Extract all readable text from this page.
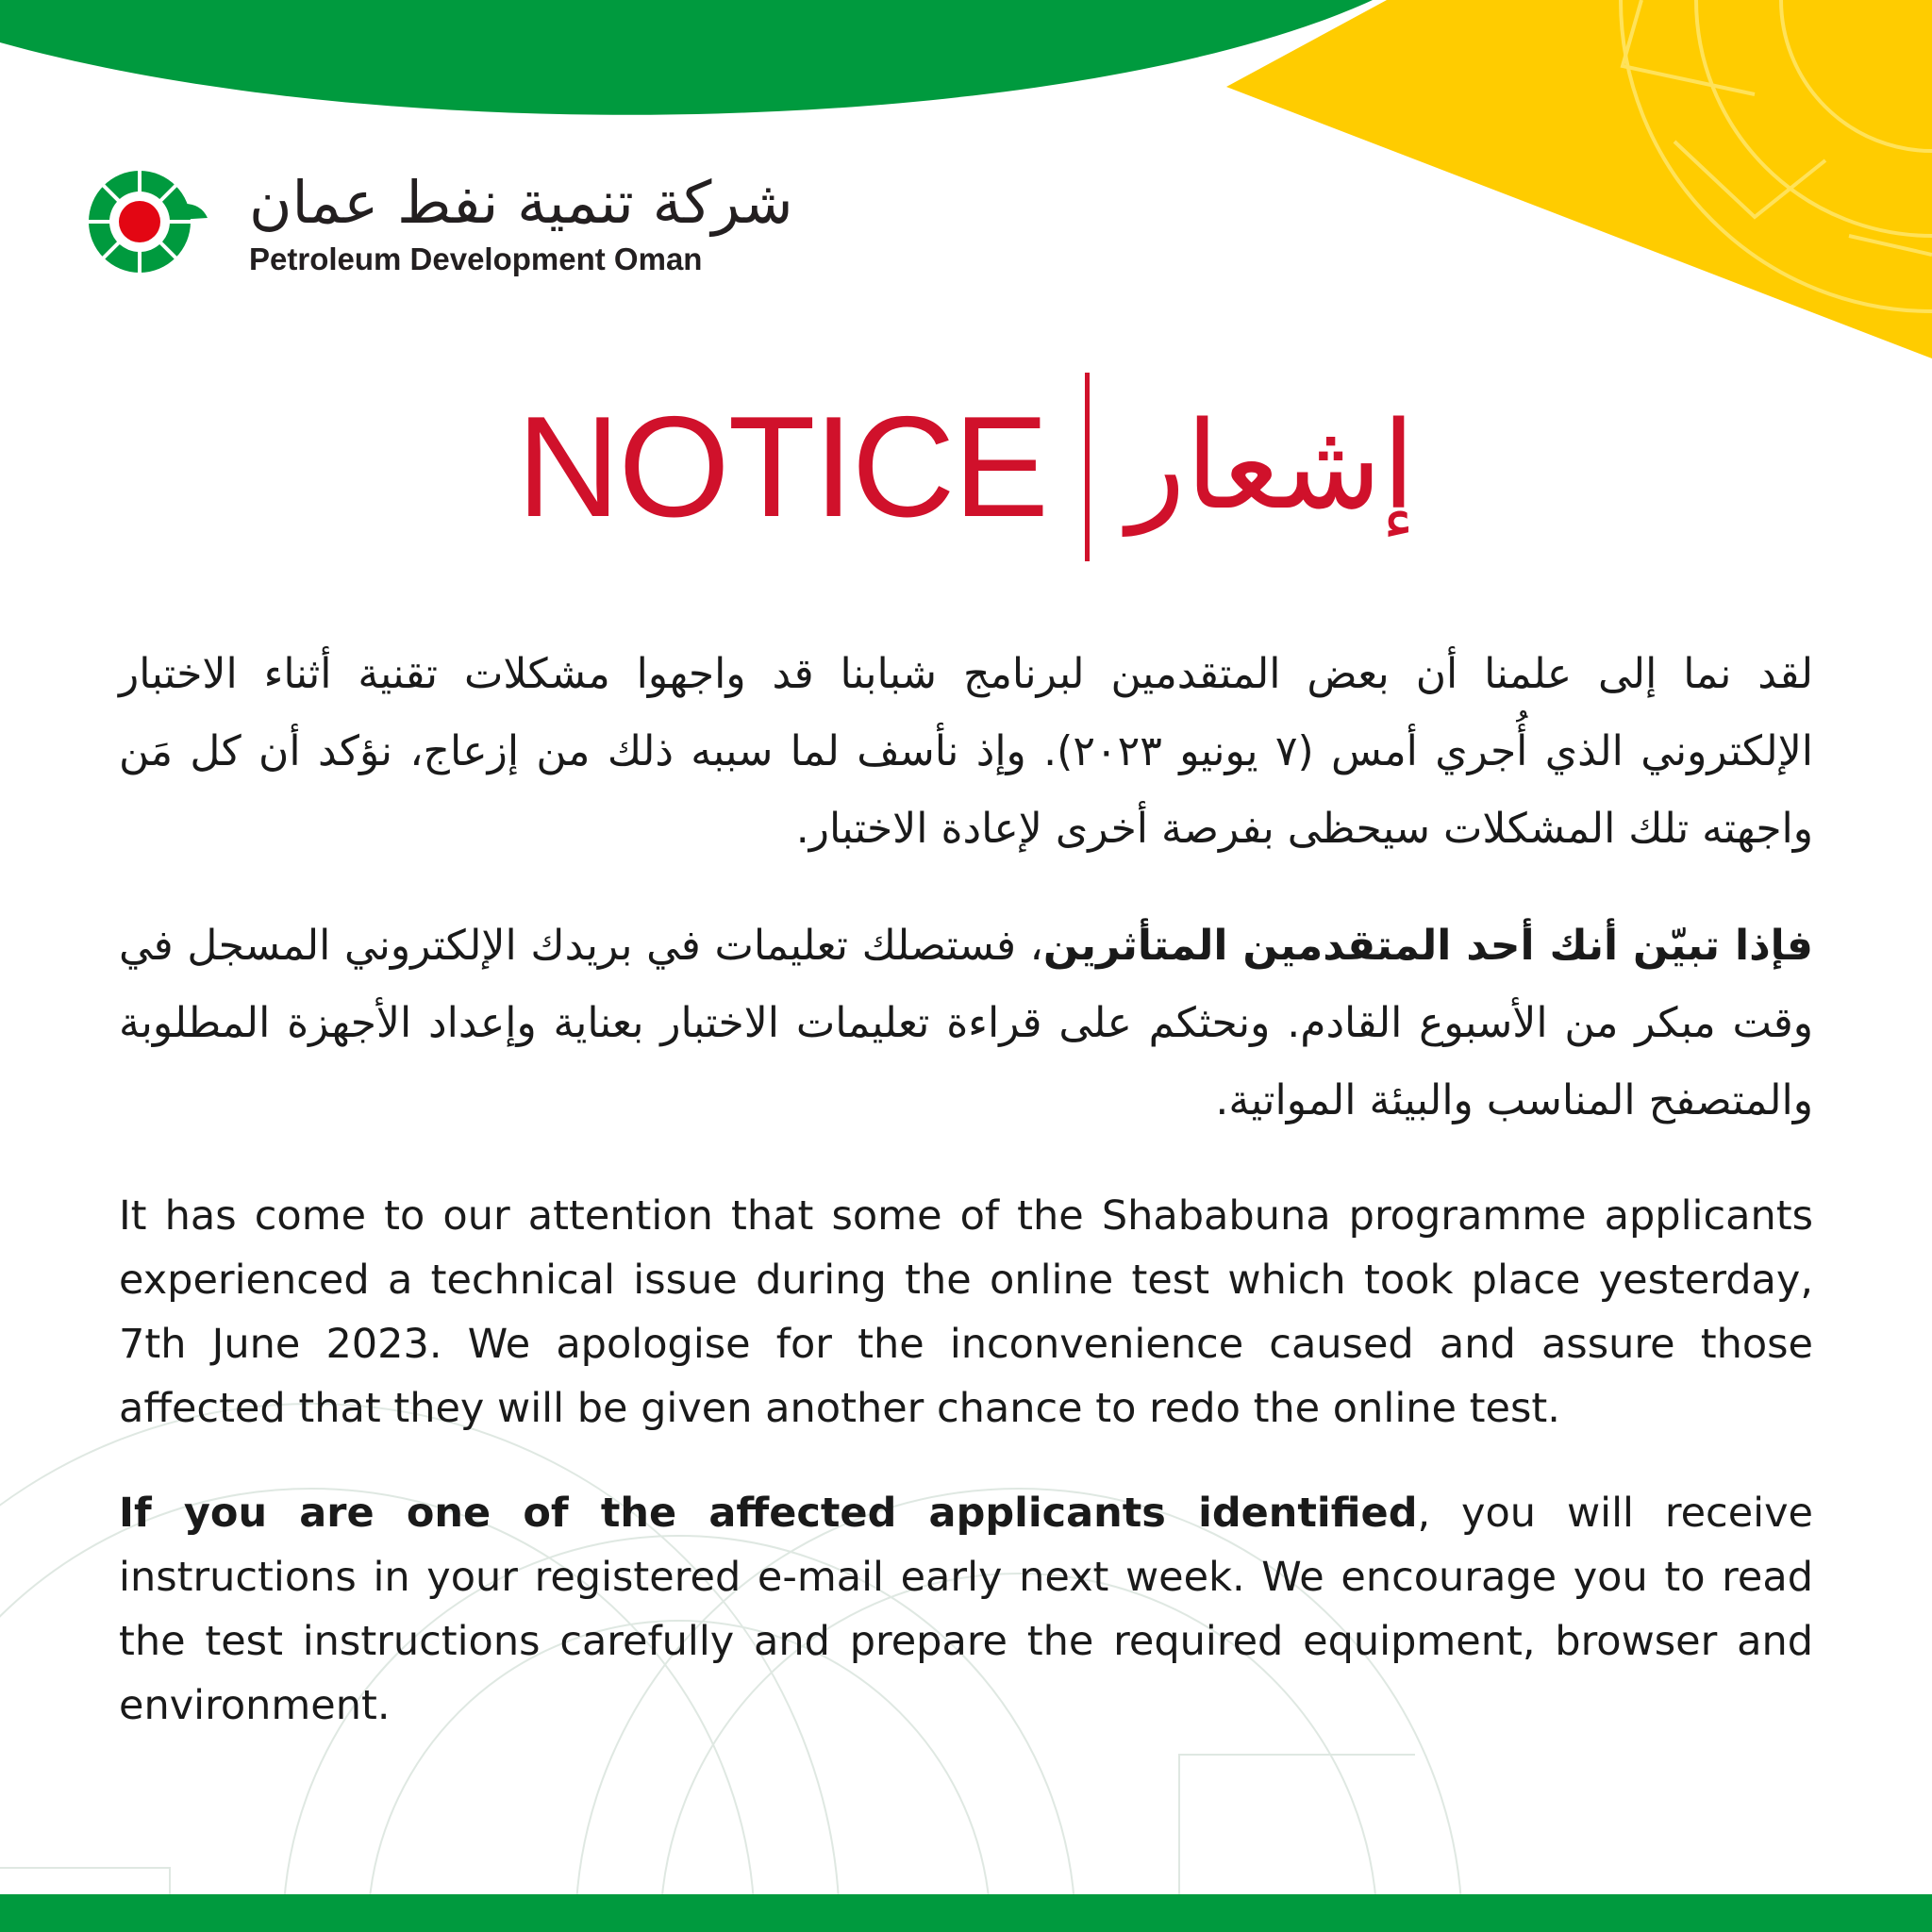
شركة تنمية نفط عمان
Petroleum Development Oman
NOTICE إشعار

لقد نما إلى علمنا أن بعض المتقدمين لبرنامج شبابنا قد واجهوا مشكلات تقنية أثناء الاختبار الإلكتروني الذي أُجري أمس (٧ يونيو ٢٠٢٣). وإذ نأسف لما سببه ذلك من إزعاج، نؤكد أن كل مَن واجهته تلك المشكلات سيحظى بفرصة أخرى لإعادة الاختبار.

فإذا تبيّن أنك أحد المتقدمين المتأثرين، فستصلك تعليمات في بريدك الإلكتروني المسجل في وقت مبكر من الأسبوع القادم. ونحثكم على قراءة تعليمات الاختبار بعناية وإعداد الأجهزة المطلوبة والمتصفح المناسب والبيئة المواتية.

It has come to our attention that some of the Shababuna programme applicants experienced a technical issue during the online test which took place yesterday, 7th June 2023. We apologise for the inconvenience caused and assure those affected that they will be given another chance to redo the online test.

If you are one of the affected applicants identified, you will receive instructions in your registered e-mail early next week. We encourage you to read the test instructions carefully and prepare the required equipment, browser and environment.
